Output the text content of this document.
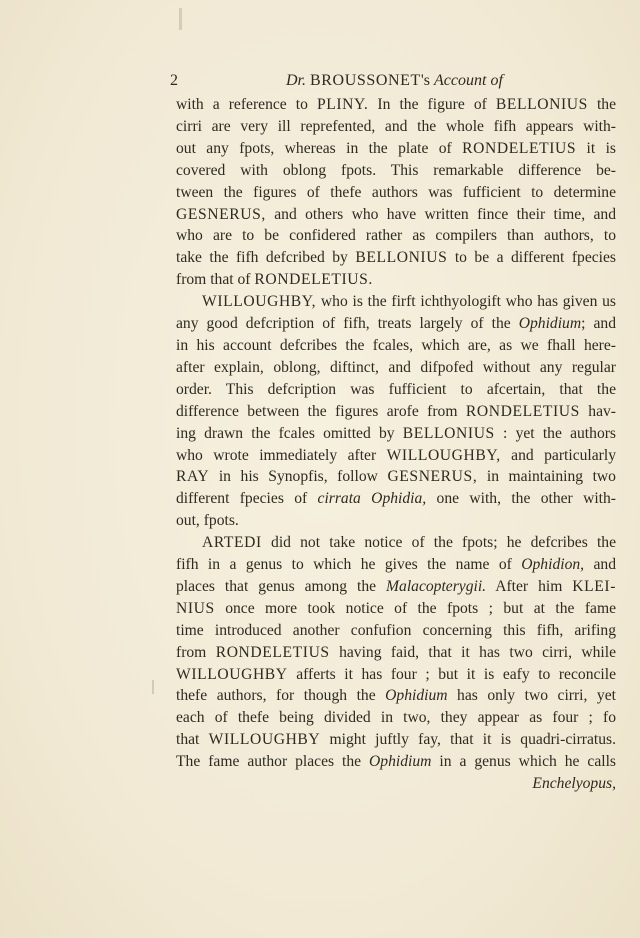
2	Dr. BROUSSONET's Account of
with a reference to PLINY. In the figure of BELLONIUS the
cirri are very ill reprefented, and the whole fifh appears with-
out any fpots, whereas in the plate of RONDELETIUS it is
covered with oblong fpots. This remarkable difference be-
tween the figures of thefe authors was fufficient to determine
GESNERUS, and others who have written fince their time, and
who are to be confidered rather as compilers than authors, to
take the fifh defcribed by BELLONIUS to be a different fpecies
from that of RONDELETIUS.
WILLOUGHBY, who is the firft ichthyologift who has given us
any good defcription of fifh, treats largely of the Ophidium; and
in his account defcribes the fcales, which are, as we fhall here-
after explain, oblong, diftinct, and difpofed without any regular
order. This defcription was fufficient to afcertain, that the
difference between the figures arofe from RONDELETIUS hav-
ing drawn the fcales omitted by BELLONIUS : yet the authors
who wrote immediately after WILLOUGHBY, and particularly
RAY in his Synopfis, follow GESNERUS, in maintaining two
different fpecies of cirrata Ophidia, one with, the other with-
out, fpots.
ARTEDI did not take notice of the fpots; he defcribes the
fifh in a genus to which he gives the name of Ophidion, and
places that genus among the Malacopterygii. After him KLEI-
NIUS once more took notice of the fpots ; but at the fame
time introduced another confufion concerning this fifh, arifing
from RONDELETIUS having faid, that it has two cirri, while
WILLOUGHBY afferts it has four ; but it is eafy to reconcile
thefe authors, for though the Ophidium has only two cirri, yet
each of thefe being divided in two, they appear as four ; fo
that WILLOUGHBY might juftly fay, that it is quadri-cirratus.
The fame author places the Ophidium in a genus which he calls
Enchelyopus,
